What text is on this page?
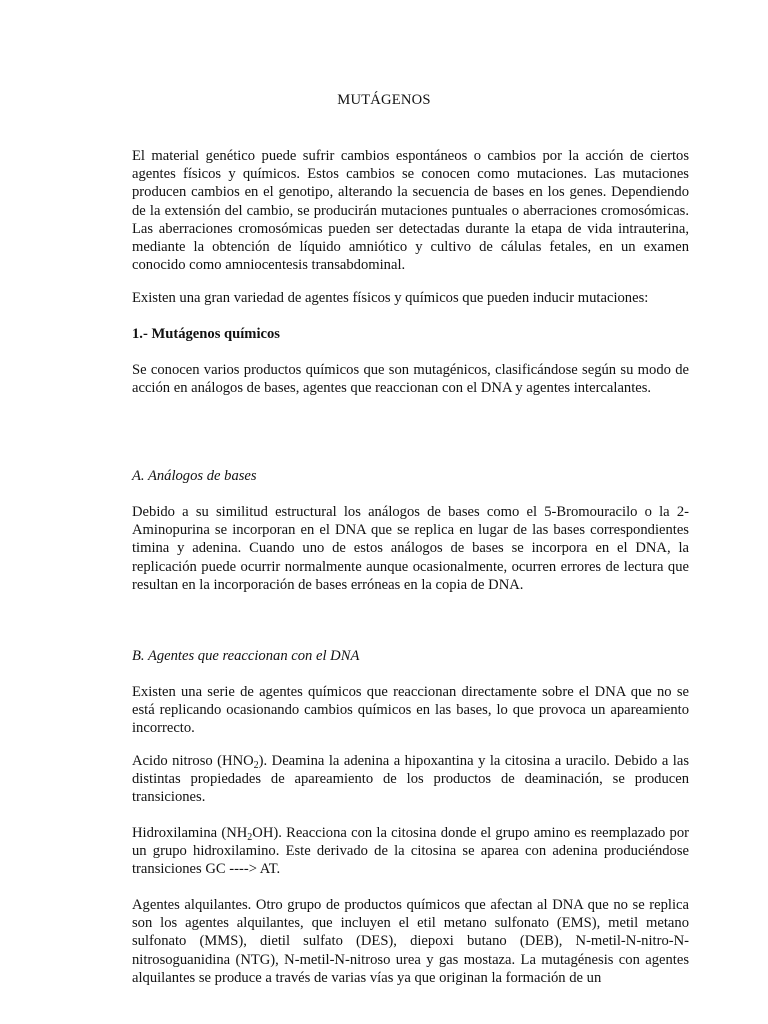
MUTÁGENOS

El material genético puede sufrir cambios espontáneos o cambios por la acción de ciertos agentes físicos y químicos. Estos cambios se conocen como mutaciones. Las mutaciones producen cambios en el genotipo, alterando la secuencia de bases en los genes. Dependiendo de la extensión del cambio, se producirán mutaciones puntuales o aberraciones cromosómicas. Las aberraciones cromosómicas pueden ser detectadas durante la etapa de vida intrauterina, mediante la obtención de líquido amniótico y cultivo de cálulas fetales, en un examen conocido como amniocentesis transabdominal.

Existen una gran variedad de agentes físicos y químicos que pueden inducir mutaciones:

1.- Mutágenos químicos

Se conocen varios productos químicos que son mutagénicos, clasificándose según su modo de acción en análogos de bases, agentes que reaccionan con el DNA y agentes intercalantes.

A. Análogos de bases

Debido a su similitud estructural los análogos de bases como el 5-Bromouracilo o la 2-Aminopurina se incorporan en el DNA que se replica en lugar de las bases correspondientes timina y adenina. Cuando uno de estos análogos de bases se incorpora en el DNA, la replicación puede ocurrir normalmente aunque ocasionalmente, ocurren errores de lectura que resultan en la incorporación de bases erróneas en la copia de DNA.

B. Agentes que reaccionan con el DNA

Existen una serie de agentes químicos que reaccionan directamente sobre el DNA que no se está replicando ocasionando cambios químicos en las bases, lo que provoca un apareamiento incorrecto.

Acido nitroso $(HNO_2)$. Deamina la adenina a hipoxantina y la citosina a uracilo. Debido a las distintas propiedades de apareamiento de los productos de deaminación, se producen transiciones.

Hidroxilamina $(NH_2OH)$. Reacciona con la citosina donde el grupo amino es reemplazado por un grupo hidroxilamino. Este derivado de la citosina se aparea con adenina produciéndose transiciones GC ----> AT.

Agentes alquilantes. Otro grupo de productos químicos que afectan al DNA que no se replica son los agentes alquilantes, que incluyen el etil metano sulfonato (EMS), metil metano sulfonato (MMS), dietil sulfato (DES), diepoxi butano (DEB), N-metil-N-nitro-N-nitrosoguanidina (NTG), N-metil-N-nitroso urea y gas mostaza. La mutagénesis con agentes alquilantes se produce a través de varias vías ya que originan la formación de un
